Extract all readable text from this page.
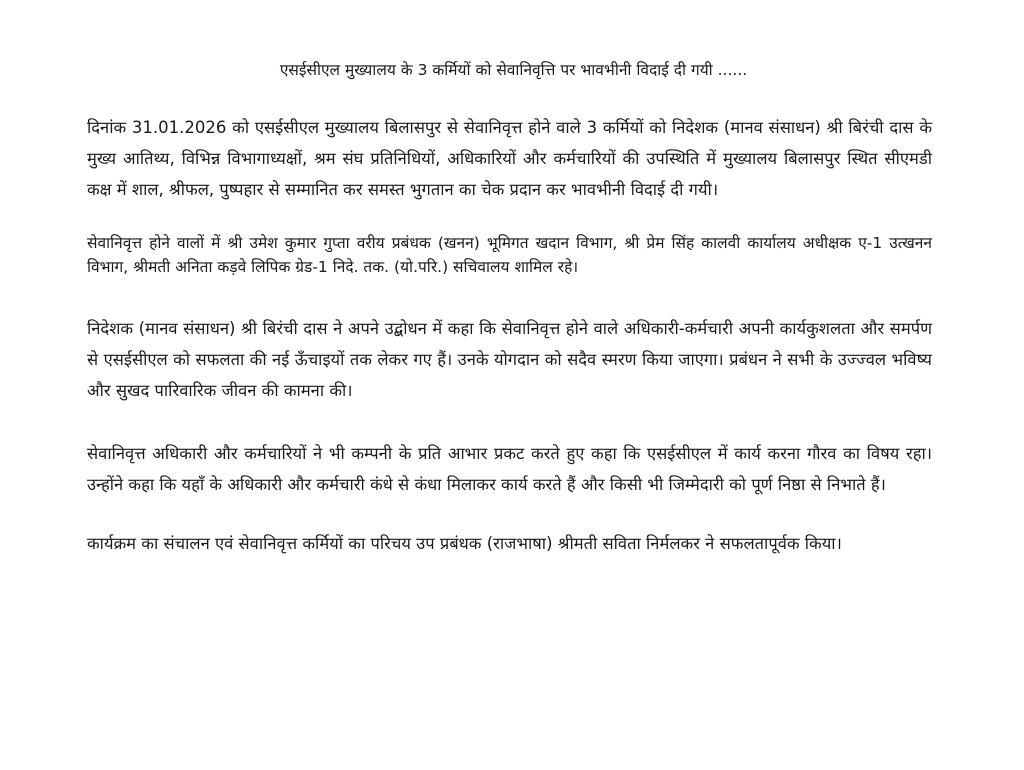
एसईसीएल मुख्यालय के 3 कर्मियों को सेवानिवृत्ति पर भावभीनी विदाई दी गयी ......

दिनांक 31.01.2026 को एसईसीएल मुख्यालय बिलासपुर से सेवानिवृत्त होने वाले 3 कर्मियों को निदेशक (मानव संसाधन) श्री बिरंची दास के मुख्य आतिथ्य, विभिन्न विभागाध्यक्षों, श्रम संघ प्रतिनिधियों, अधिकारियों और कर्मचारियों की उपस्थिति में मुख्यालय बिलासपुर स्थित सीएमडी कक्ष में शाल, श्रीफल, पुष्पहार से सम्मानित कर समस्त भुगतान का चेक प्रदान कर भावभीनी विदाई दी गयी।

सेवानिवृत्त होने वालों में श्री उमेश कुमार गुप्ता वरीय प्रबंधक (खनन) भूमिगत खदान विभाग, श्री प्रेम सिंह कालवी कार्यालय अधीक्षक ए-1 उत्खनन विभाग, श्रीमती अनिता कड़वे लिपिक ग्रेड-1 निदे. तक. (यो.परि.) सचिवालय शामिल रहे।

निदेशक (मानव संसाधन) श्री बिरंची दास ने अपने उद्बोधन में कहा कि सेवानिवृत्त होने वाले अधिकारी-कर्मचारी अपनी कार्यकुशलता और समर्पण से एसईसीएल को सफलता की नई ऊँचाइयों तक लेकर गए हैं। उनके योगदान को सदैव स्मरण किया जाएगा। प्रबंधन ने सभी के उज्ज्वल भविष्य और सुखद पारिवारिक जीवन की कामना की।

सेवानिवृत्त अधिकारी और कर्मचारियों ने भी कम्पनी के प्रति आभार प्रकट करते हुए कहा कि एसईसीएल में कार्य करना गौरव का विषय रहा। उन्होंने कहा कि यहाँ के अधिकारी और कर्मचारी कंधे से कंधा मिलाकर कार्य करते हैं और किसी भी जिम्मेदारी को पूर्ण निष्ठा से निभाते हैं।

कार्यक्रम का संचालन एवं सेवानिवृत्त कर्मियों का परिचय उप प्रबंधक (राजभाषा) श्रीमती सविता निर्मलकर ने सफलतापूर्वक किया।
